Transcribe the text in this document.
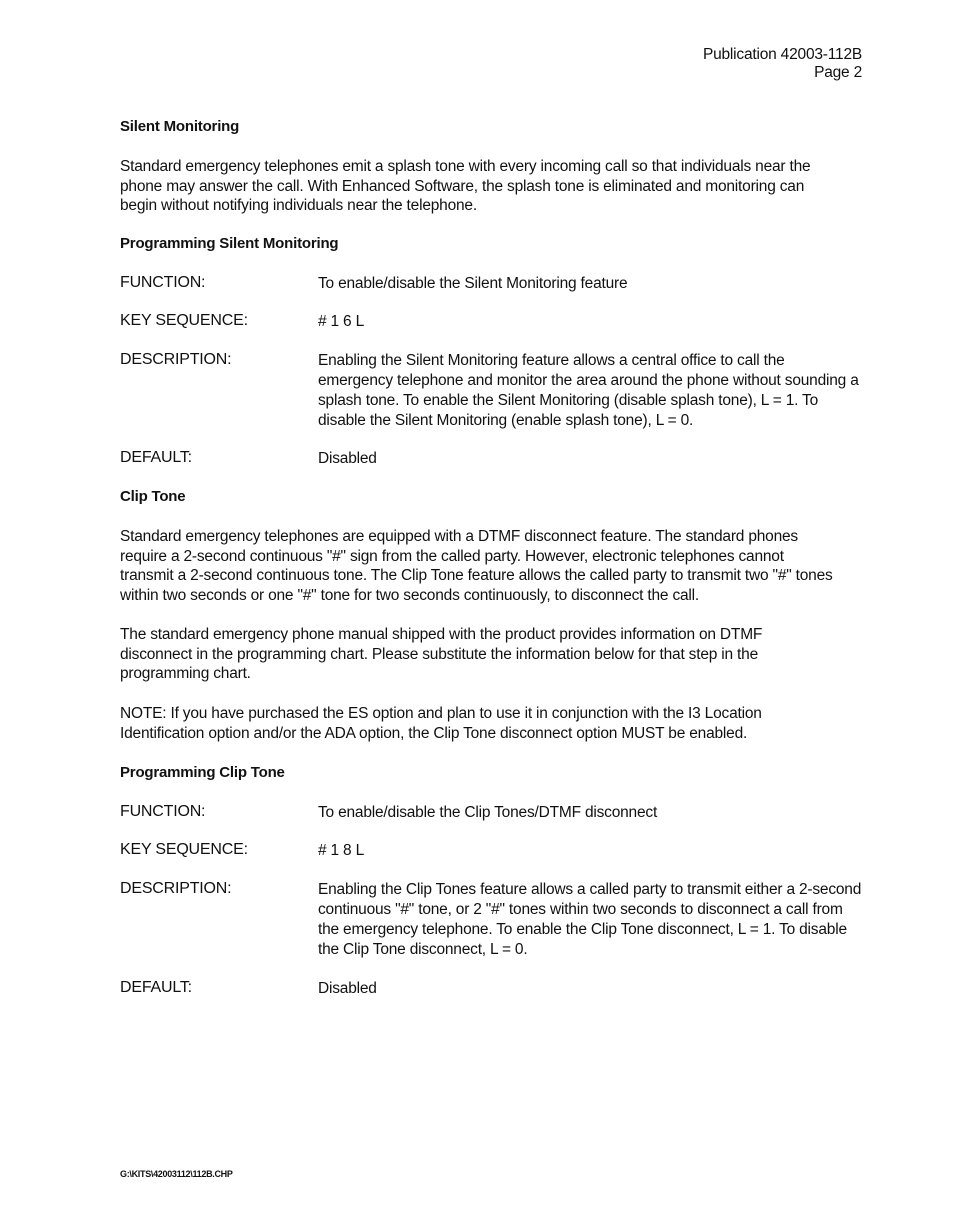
Publication 42003-112B
Page 2
Silent Monitoring
Standard emergency telephones emit a splash tone with every incoming call so that individuals near the phone may answer the call. With Enhanced Software, the splash tone is eliminated and monitoring can begin without notifying individuals near the telephone.
Programming Silent Monitoring
FUNCTION:	To enable/disable the Silent Monitoring feature
KEY SEQUENCE:	# 1 6 L
DESCRIPTION:	Enabling the Silent Monitoring feature allows a central office to call the emergency telephone and monitor the area around the phone without sounding a splash tone. To enable the Silent Monitoring (disable splash tone), L = 1. To disable the Silent Monitoring (enable splash tone), L = 0.
DEFAULT:	Disabled
Clip Tone
Standard emergency telephones are equipped with a DTMF disconnect feature. The standard phones require a 2-second continuous "#" sign from the called party. However, electronic telephones cannot transmit a 2-second continuous tone. The Clip Tone feature allows the called party to transmit two "#" tones within two seconds or one "#" tone for two seconds continuously, to disconnect the call.
The standard emergency phone manual shipped with the product provides information on DTMF disconnect in the programming chart. Please substitute the information below for that step in the programming chart.
NOTE: If you have purchased the ES option and plan to use it in conjunction with the I3 Location Identification option and/or the ADA option, the Clip Tone disconnect option MUST be enabled.
Programming Clip Tone
FUNCTION:	To enable/disable the Clip Tones/DTMF disconnect
KEY SEQUENCE:	# 1 8 L
DESCRIPTION:	Enabling the Clip Tones feature allows a called party to transmit either a 2-second continuous "#" tone, or 2 "#" tones within two seconds to disconnect a call from the emergency telephone. To enable the Clip Tone disconnect, L = 1. To disable the Clip Tone disconnect, L = 0.
DEFAULT:	Disabled
G:\KITS\42003112\112B.CHP
